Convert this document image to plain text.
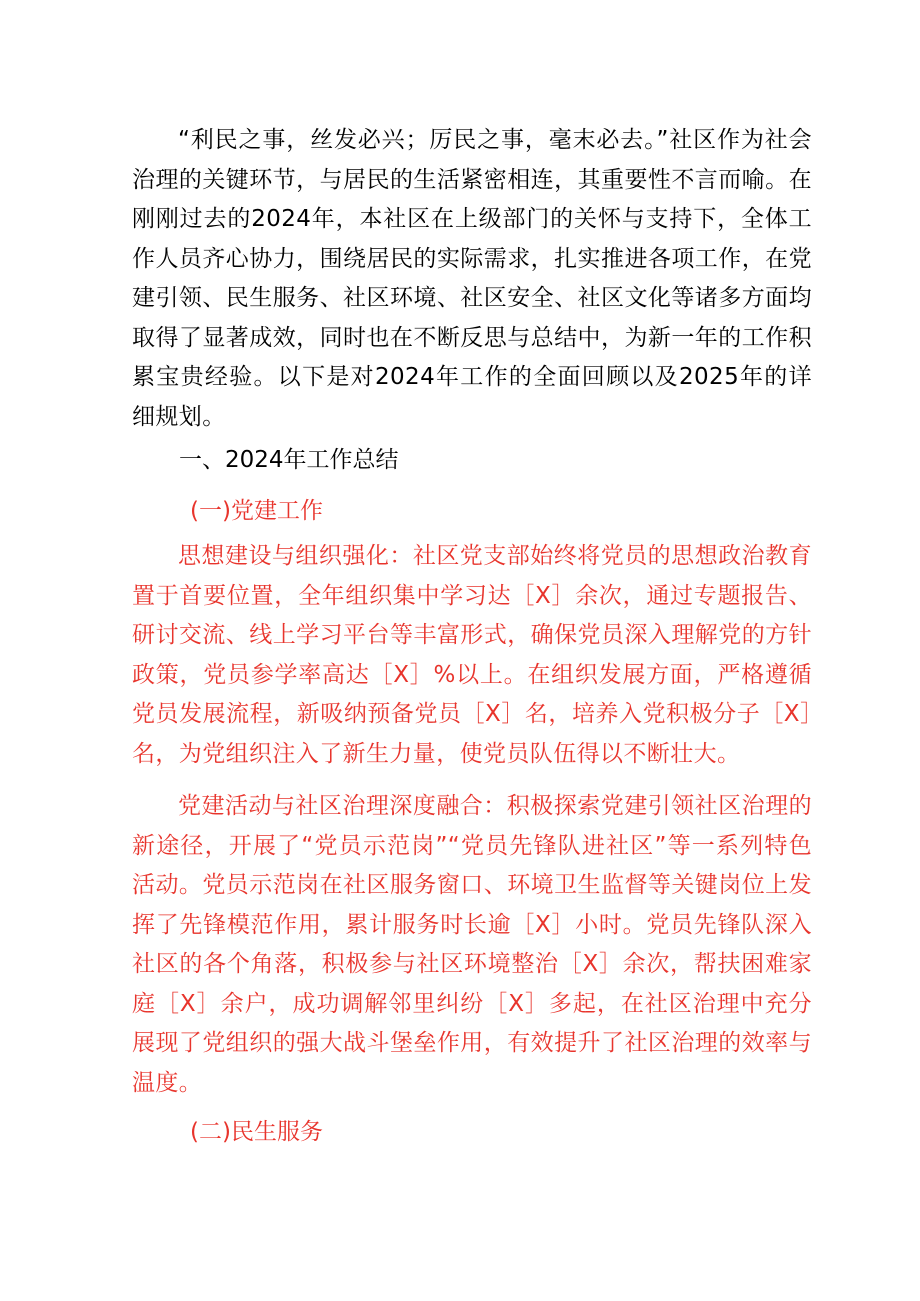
“利民之事，丝发必兴；厉民之事，毫末必去。”社区作为社会治理的关键环节，与居民的生活紧密相连，其重要性不言而喻。在刚刚过去的2024年，本社区在上级部门的关怀与支持下，全体工作人员齐心协力，围绕居民的实际需求，扎实推进各项工作，在党建引领、民生服务、社区环境、社区安全、社区文化等诸多方面均取得了显著成效，同时也在不断反思与总结中，为新一年的工作积累宝贵经验。以下是对2024年工作的全面回顾以及2025年的详细规划。

一、2024年工作总结

(一)党建工作

思想建设与组织强化：社区党支部始终将党员的思想政治教育置于首要位置，全年组织集中学习达［X］余次，通过专题报告、研讨交流、线上学习平台等丰富形式，确保党员深入理解党的方针政策，党员参学率高达［X］%以上。在组织发展方面，严格遵循党员发展流程，新吸纳预备党员［X］名，培养入党积极分子［X］名，为党组织注入了新生力量，使党员队伍得以不断壮大。

党建活动与社区治理深度融合：积极探索党建引领社区治理的新途径，开展了“党员示范岗”“党员先锋队进社区”等一系列特色活动。党员示范岗在社区服务窗口、环境卫生监督等关键岗位上发挥了先锋模范作用，累计服务时长逾［X］小时。党员先锋队深入社区的各个角落，积极参与社区环境整治［X］余次，帮扶困难家庭［X］余户，成功调解邻里纠纷［X］多起，在社区治理中充分展现了党组织的强大战斗堡垒作用，有效提升了社区治理的效率与温度。

(二)民生服务
